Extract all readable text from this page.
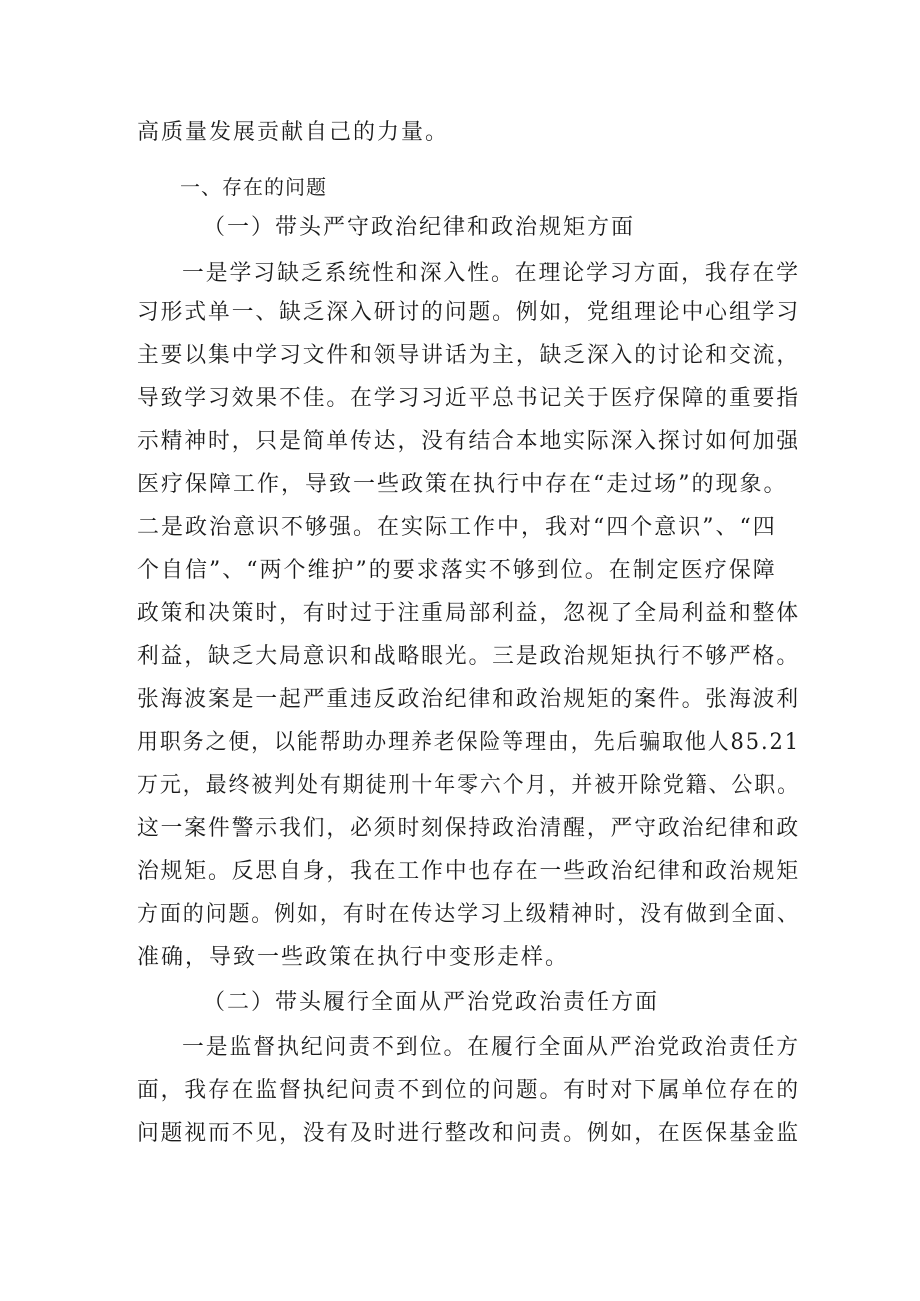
高质量发展贡献自己的力量。
一、存在的问题
（一）带头严守政治纪律和政治规矩方面
一是学习缺乏系统性和深入性。在理论学习方面，我存在学
习形式单一、缺乏深入研讨的问题。例如，党组理论中心组学习
主要以集中学习文件和领导讲话为主，缺乏深入的讨论和交流，
导致学习效果不佳。在学习习近平总书记关于医疗保障的重要指
示精神时，只是简单传达，没有结合本地实际深入探讨如何加强
医疗保障工作，导致一些政策在执行中存在“走过场”的现象。
二是政治意识不够强。在实际工作中，我对“四个意识”、“四
个自信”、“两个维护”的要求落实不够到位。在制定医疗保障
政策和决策时，有时过于注重局部利益，忽视了全局利益和整体
利益，缺乏大局意识和战略眼光。三是政治规矩执行不够严格。
张海波案是一起严重违反政治纪律和政治规矩的案件。张海波利
用职务之便，以能帮助办理养老保险等理由，先后骗取他人85.21
万元，最终被判处有期徒刑十年零六个月，并被开除党籍、公职。
这一案件警示我们，必须时刻保持政治清醒，严守政治纪律和政
治规矩。反思自身，我在工作中也存在一些政治纪律和政治规矩
方面的问题。例如，有时在传达学习上级精神时，没有做到全面、
准确，导致一些政策在执行中变形走样。
（二）带头履行全面从严治党政治责任方面
一是监督执纪问责不到位。在履行全面从严治党政治责任方
面，我存在监督执纪问责不到位的问题。有时对下属单位存在的
问题视而不见，没有及时进行整改和问责。例如，在医保基金监
